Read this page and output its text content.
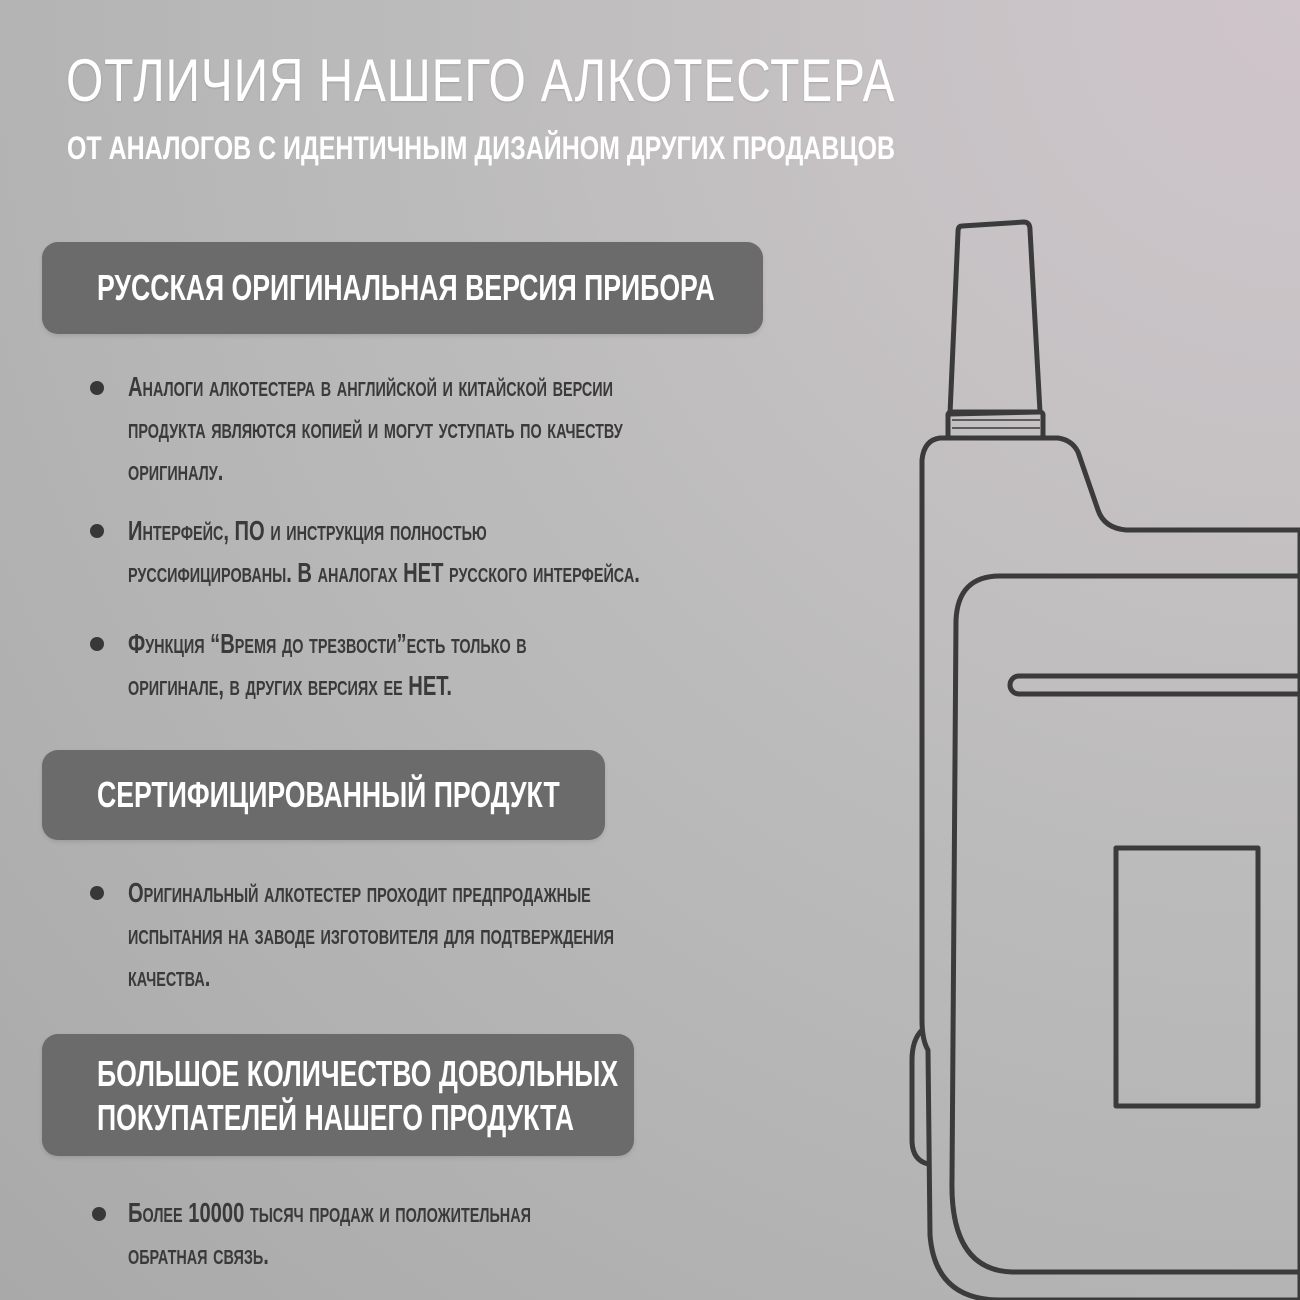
ОТЛИЧИЯ НАШЕГО АЛКОТЕСТЕРА
ОТ АНАЛОГОВ С ИДЕНТИЧНЫМ ДИЗАЙНОМ ДРУГИХ ПРОДАВЦОВ
РУССКАЯ ОРИГИНАЛЬНАЯ ВЕРСИЯ ПРИБОРА
Аналоги алкотестера в английской и китайской версии
продукта являются копией и могут уступать по качеству
оригиналу.
Интерфейс, ПО и инструкция полностью
руссифицированы. В аналогах НЕТ русского интерфейса.
Функция “Время до трезвости”есть только в
оригинале, в других версиях ее НЕТ.
СЕРТИФИЦИРОВАННЫЙ ПРОДУКТ
Оригинальный алкотестер проходит предпродажные
испытания на заводе изготовителя для подтверждения
качества.
БОЛЬШОЕ КОЛИЧЕСТВО ДОВОЛЬНЫХ
ПОКУПАТЕЛЕЙ НАШЕГО ПРОДУКТА
Более 10000 тысяч продаж и положительная
обратная связь.
